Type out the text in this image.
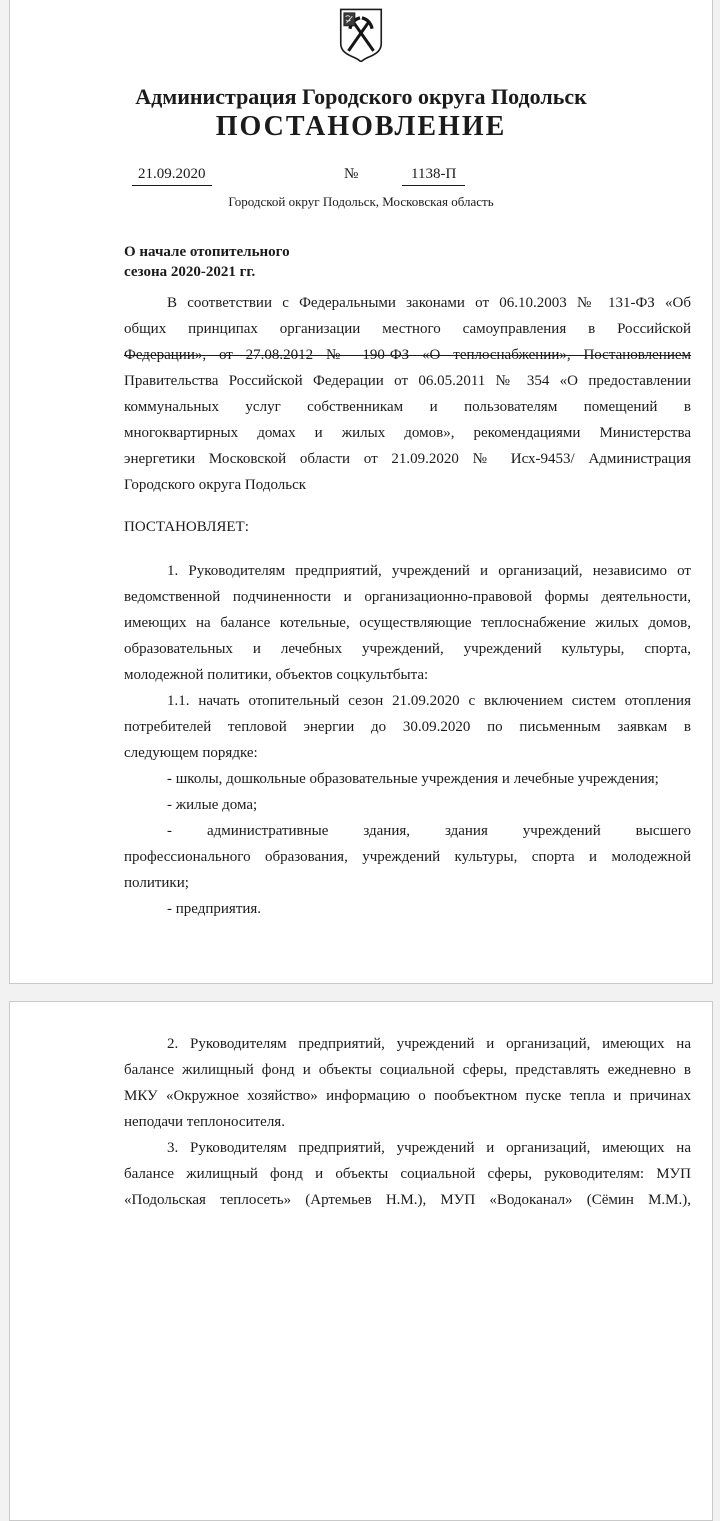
Администрация Городского округа Подольск
ПОСТАНОВЛЕНИЕ
21.09.2020	№	1138-П
Городской округ Подольск, Московская область
О начале отопительного
сезона 2020-2021 гг.
В соответствии с Федеральными законами от 06.10.2003 № 131-ФЗ «Об
общих принципах организации местного самоуправления в Российской
Федерации», от 27.08.2012 № 190-ФЗ «О теплоснабжении», Постановлением
Правительства Российской Федерации от 06.05.2011 № 354 «О предоставлении
коммунальных услуг собственникам и пользователям помещений в
многоквартирных домах и жилых домов», рекомендациями Министерства
энергетики Московской области от 21.09.2020 № Исх-9453/ Администрация
Городского округа Подольск
ПОСТАНОВЛЯЕТ:
1. Руководителям предприятий, учреждений и организаций, независимо от
ведомственной подчиненности и организационно-правовой формы деятельности,
имеющих на балансе котельные, осуществляющие теплоснабжение жилых домов,
образовательных и лечебных учреждений, учреждений культуры, спорта,
молодежной политики, объектов соцкультбыта:
1.1. начать отопительный сезон 21.09.2020 с включением систем отопления
потребителей тепловой энергии до 30.09.2020 по письменным заявкам в
следующем порядке:
- школы, дошкольные образовательные учреждения и лечебные учреждения;
- жилые дома;
- административные здания, здания учреждений высшего
профессионального образования, учреждений культуры, спорта и молодежной
политики;
- предприятия.
2. Руководителям предприятий, учреждений и организаций, имеющих на
балансе жилищный фонд и объекты социальной сферы, представлять ежедневно в
МКУ «Окружное хозяйство» информацию о пообъектном пуске тепла и причинах
неподачи теплоносителя.
3. Руководителям предприятий, учреждений и организаций, имеющих на
балансе жилищный фонд и объекты социальной сферы, руководителям: МУП
«Подольская теплосеть» (Артемьев Н.М.), МУП «Водоканал» (Сёмин М.М.),
